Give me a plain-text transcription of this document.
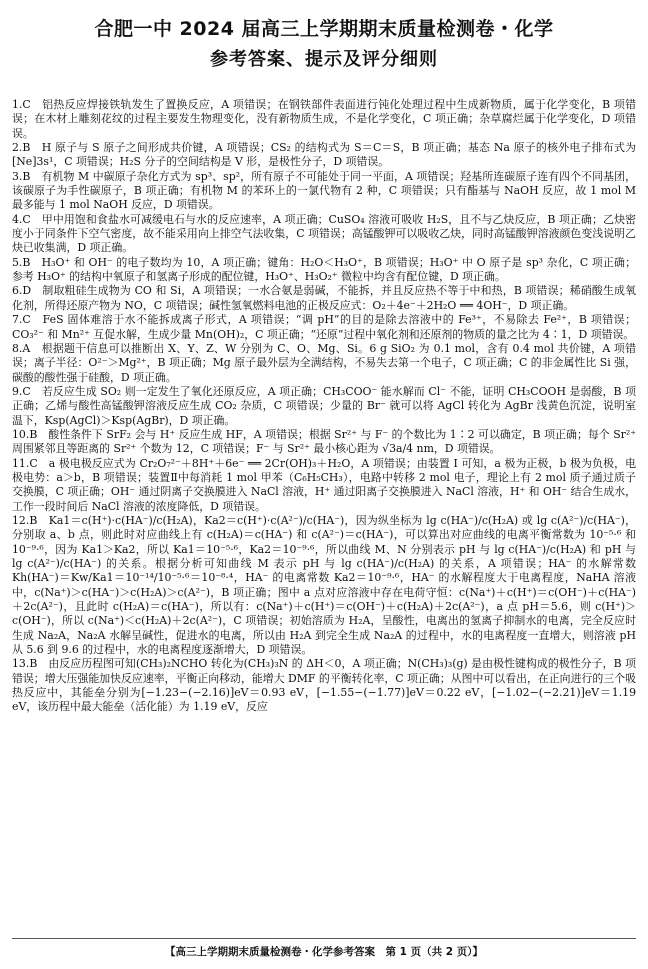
合肥一中 2024 届高三上学期期末质量检测卷・化学
参考答案、提示及评分细则

1.C　铝热反应焊接铁轨发生了置换反应，A 项错误；在钢铁部件表面进行钝化处理过程中生成新物质，属于化学变化，B 项错误；在木材上雕刻花纹的过程主要发生物理变化，没有新物质生成，不是化学变化，C 项正确；杂草腐烂属于化学变化，D 项错误。

2.B　H 原子与 S 原子之间形成共价键，A 项错误；CS₂ 的结构式为 S＝C＝S，B 项正确；基态 Na 原子的核外电子排布式为[Ne]3s¹，C 项错误；H₂S 分子的空间结构是 V 形，是极性分子，D 项错误。

3.B　有机物 M 中碳原子杂化方式为 sp³、sp²，所有原子不可能处于同一平面，A 项错误；羟基所连碳原子连有四个不同基团，该碳原子为手性碳原子，B 项正确；有机物 M 的苯环上的一氯代物有 2 种，C 项错误；只有酯基与 NaOH 反应，故 1 mol M 最多能与 1 mol NaOH 反应，D 项错误。

4.C　甲中用饱和食盐水可减缓电石与水的反应速率，A 项正确；CuSO₄ 溶液可吸收 H₂S，且不与乙炔反应，B 项正确；乙炔密度小于同条件下空气密度，故不能采用向上排空气法收集，C 项错误；高锰酸钾可以吸收乙炔，同时高锰酸钾溶液颜色变浅说明乙炔已收集满，D 项正确。

5.B　H₃O⁺ 和 OH⁻ 的电子数均为 10，A 项正确；键角：H₂O＜H₃O⁺，B 项错误；H₃O⁺ 中 O 原子是 sp³ 杂化，C 项正确；参考 H₃O⁺ 的结构中氧原子和氢离子形成的配位键，H₃O⁺、H₃O₂⁺ 微粒中均含有配位键，D 项正确。

6.D　制取粗硅生成物为 CO 和 Si，A 项错误；一水合氨是弱碱，不能拆，并且反应热不等于中和热，B 项错误；稀硝酸生成氧化剂，所得还原产物为 NO，C 项错误；碱性氢氧燃料电池的正极反应式：O₂＋4e⁻＋2H₂O ══ 4OH⁻，D 项正确。

7.C　FeS 固体难溶于水不能拆成离子形式，A 项错误；“调 pH”的目的是除去溶液中的 Fe³⁺，不易除去 Fe²⁺，B 项错误；CO₃²⁻ 和 Mn²⁺ 互促水解，生成少量 Mn(OH)₂，C 项正确；“还原”过程中氧化剂和还原剂的物质的量之比为 4∶1，D 项错误。

8.A　根据题干信息可以推断出 X、Y、Z、W 分别为 C、O、Mg、Si。6 g SiO₂ 为 0.1 mol，含有 0.4 mol 共价键，A 项错误；离子半径：O²⁻＞Mg²⁺，B 项正确；Mg 原子最外层为全满结构，不易失去第一个电子，C 项正确；C 的非金属性比 Si 强，碳酸的酸性强于硅酸，D 项正确。

9.C　若反应生成 SO₂ 则一定发生了氧化还原反应，A 项正确；CH₃COO⁻ 能水解而 Cl⁻ 不能，证明 CH₃COOH 是弱酸，B 项正确；乙烯与酸性高锰酸钾溶液反应生成 CO₂ 杂质，C 项错误；少量的 Br⁻ 就可以将 AgCl 转化为 AgBr 浅黄色沉淀，说明室温下，Ksp(AgCl)＞Ksp(AgBr)，D 项正确。

10.B　酸性条件下 SrF₂ 会与 H⁺ 反应生成 HF，A 项错误；根据 Sr²⁺ 与 F⁻ 的个数比为 1∶2 可以确定，B 项正确；每个 Sr²⁺ 周围紧邻且等距离的 Sr²⁺ 个数为 12，C 项错误；F⁻ 与 Sr²⁺ 最小核心距为 √3a/4 nm，D 项错误。

11.C　a 极电极反应式为 Cr₂O₇²⁻＋8H⁺＋6e⁻ ══ 2Cr(OH)₃＋H₂O，A 项错误；由装置 I 可知，a 极为正极，b 极为负极，电极电势：a＞b，B 项错误；装置Ⅱ中每消耗 1 mol 甲苯（C₆H₅CH₃），电路中转移 2 mol 电子，理论上有 2 mol 质子通过质子交换膜，C 项正确；OH⁻ 通过阴离子交换膜进入 NaCl 溶液，H⁺ 通过阳离子交换膜进入 NaCl 溶液，H⁺ 和 OH⁻ 结合生成水，工作一段时间后 NaCl 溶液的浓度降低，D 项错误。

12.B　Ka1＝c(H⁺)·c(HA⁻)/c(H₂A)，Ka2＝c(H⁺)·c(A²⁻)/c(HA⁻)，因为纵坐标为 lg c(HA⁻)/c(H₂A) 或 lg c(A²⁻)/c(HA⁻)，分别取 a、b 点，则此时对应曲线上有 c(H₂A)＝c(HA⁻) 和 c(A²⁻)＝c(HA⁻)，可以算出对应曲线的电离平衡常数为 10⁻⁵·⁶ 和 10⁻⁹·⁶，因为 Ka1＞Ka2，所以 Ka1＝10⁻⁵·⁶，Ka2＝10⁻⁹·⁶，所以曲线 M、N 分别表示 pH 与 lg c(HA⁻)/c(H₂A) 和 pH 与 lg c(A²⁻)/c(HA⁻) 的关系。根据分析可知曲线 M 表示 pH 与 lg c(HA⁻)/c(H₂A) 的关系，A 项错误；HA⁻ 的水解常数 Kh(HA⁻)＝Kw/Ka1＝10⁻¹⁴/10⁻⁵·⁶＝10⁻⁸·⁴，HA⁻ 的电离常数 Ka2＝10⁻⁹·⁶，HA⁻ 的水解程度大于电离程度，NaHA 溶液中，c(Na⁺)＞c(HA⁻)＞c(H₂A)＞c(A²⁻)，B 项正确；图中 a 点对应溶液中存在电荷守恒：c(Na⁺)＋c(H⁺)＝c(OH⁻)＋c(HA⁻)＋2c(A²⁻)，且此时 c(H₂A)＝c(HA⁻)，所以有：c(Na⁺)＋c(H⁺)＝c(OH⁻)＋c(H₂A)＋2c(A²⁻)，a 点 pH＝5.6，则 c(H⁺)＞c(OH⁻)，所以 c(Na⁺)＜c(H₂A)＋2c(A²⁻)，C 项错误；初始溶质为 H₂A，呈酸性，电离出的氢离子抑制水的电离，完全反应时生成 Na₂A，Na₂A 水解呈碱性，促进水的电离，所以由 H₂A 到完全生成 Na₂A 的过程中，水的电离程度一直增大，则溶液 pH 从 5.6 到 9.6 的过程中，水的电离程度逐渐增大，D 项错误。

13.B　由反应历程图可知(CH₃)₂NCHO 转化为(CH₃)₃N 的 ΔH＜0，A 项正确；N(CH₃)₃(g) 是由极性键构成的极性分子，B 项错误；增大压强能加快反应速率，平衡正向移动，能增大 DMF 的平衡转化率，C 项正确；从图中可以看出，在正向进行的三个吸热反应中，其能垒分别为[−1.23−(−2.16)]eV＝0.93 eV，[−1.55−(−1.77)]eV＝0.22 eV，[−1.02−(−2.21)]eV＝1.19 eV，该历程中最大能垒（活化能）为 1.19 eV，反应

【高三上学期期末质量检测卷・化学参考答案　第 1 页（共 2 页）】
